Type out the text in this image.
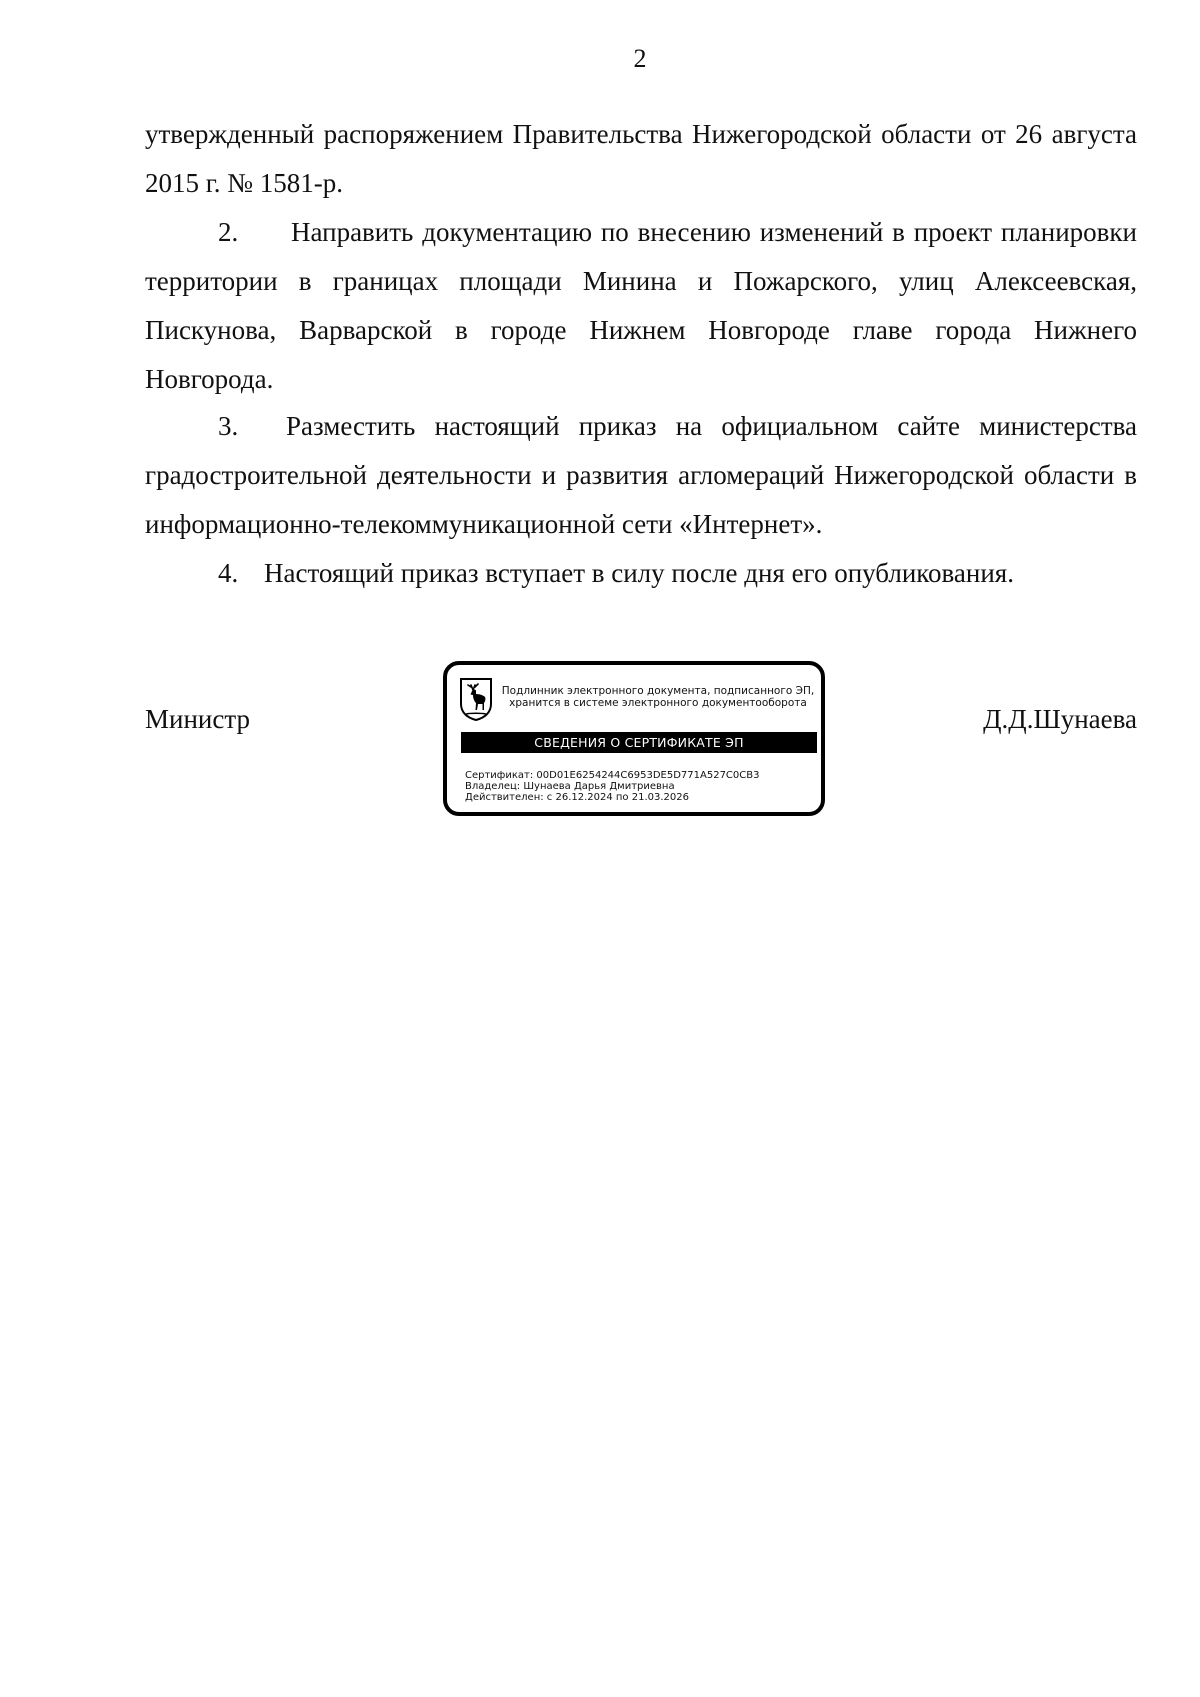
2

утвержденный распоряжением Правительства Нижегородской области от 26 августа 2015 г. № 1581-р.

2. Направить документацию по внесению изменений в проект планировки территории в границах площади Минина и Пожарского, улиц Алексеевская, Пискунова, Варварской в городе Нижнем Новгороде главе города Нижнего Новгорода.

3. Разместить настоящий приказ на официальном сайте министерства градостроительной деятельности и развития агломераций Нижегородской области в информационно-телекоммуникационной сети «Интернет».

4. Настоящий приказ вступает в силу после дня его опубликования.

Министр	Д.Д.Шунаева
Подлинник электронного документа, подписанного ЭП,
хранится в системе электронного документооборота
СВЕДЕНИЯ О СЕРТИФИКАТЕ ЭП
Сертификат: 00D01E6254244C6953DE5D771A527C0CB3
Владелец: Шунаева Дарья Дмитриевна
Действителен: с 26.12.2024 по 21.03.2026
